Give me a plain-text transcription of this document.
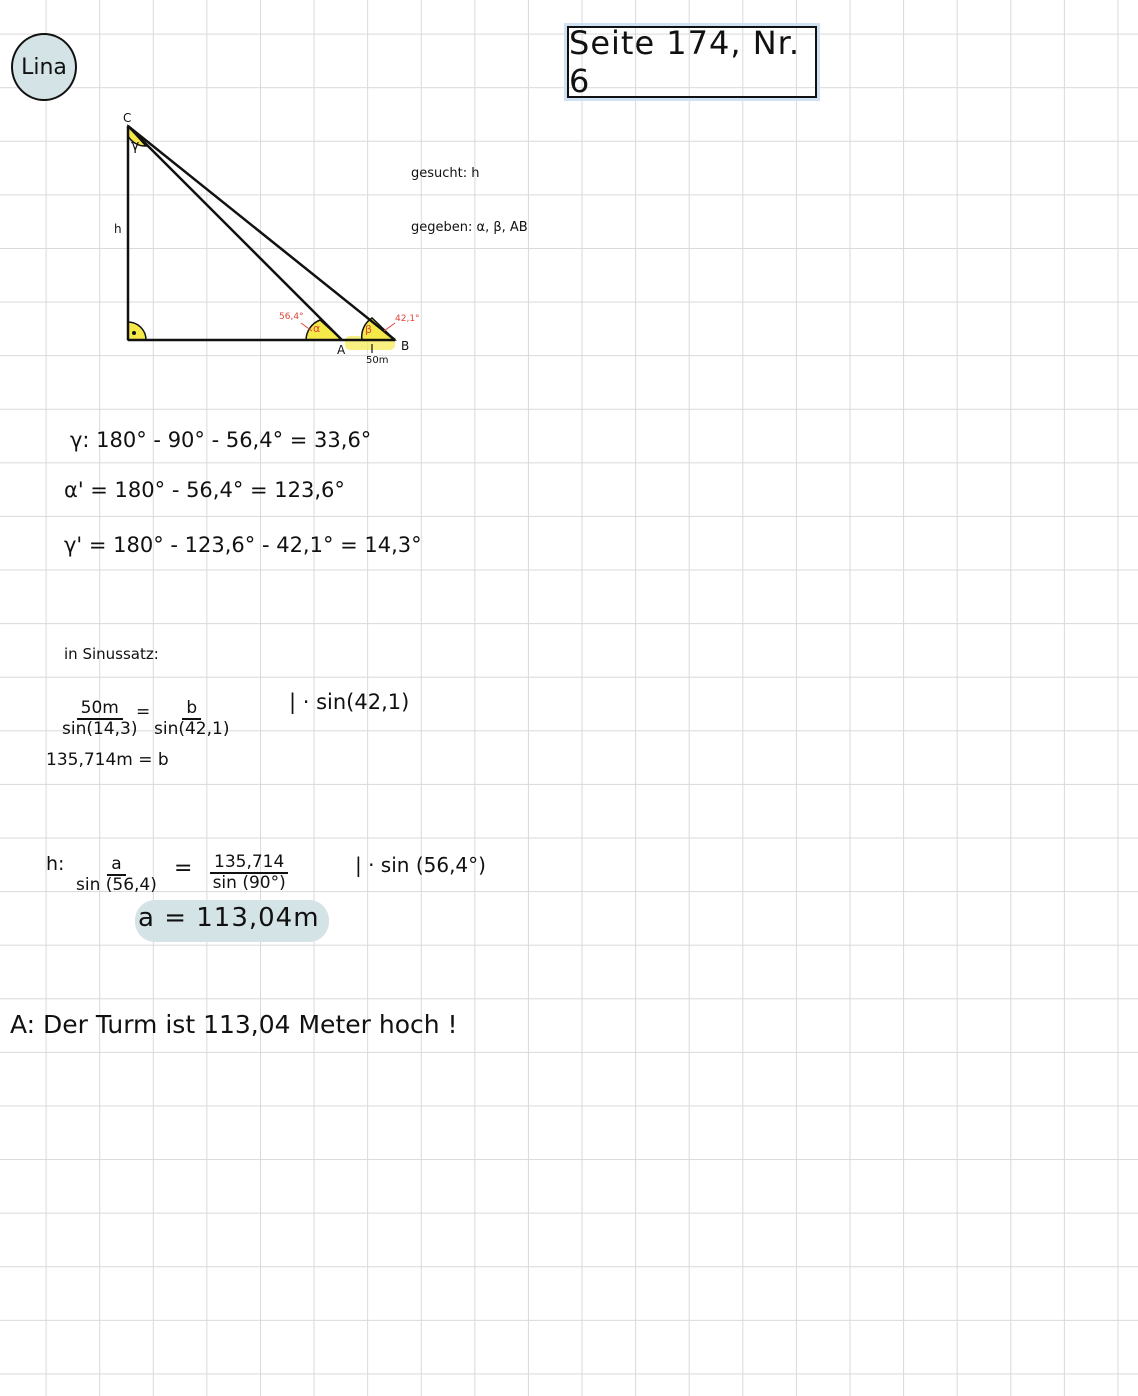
Lina
Seite 174, Nr. 6
C
h
γ
A	B
50m
56,4°	42,1°
α	β
gesucht: h
gegeben: α, β, AB
γ: 180° - 90° - 56,4° = 33,6°
α' = 180° - 56,4° = 123,6°
γ' = 180° - 123,6° - 42,1° = 14,3°
in Sinussatz:
$\frac{50m}{\sin(14,3)}$
= $\frac{b}{\sin(42,1)}$	| · sin(42,1)
135,714m = b
h: $\frac{a}{\sin (56,4)} = \frac{135,714}{\sin (90^\circ)}$	| · sin (56,4°)
a = 113,04m
A: Der Turm ist 113,04 Meter hoch !
